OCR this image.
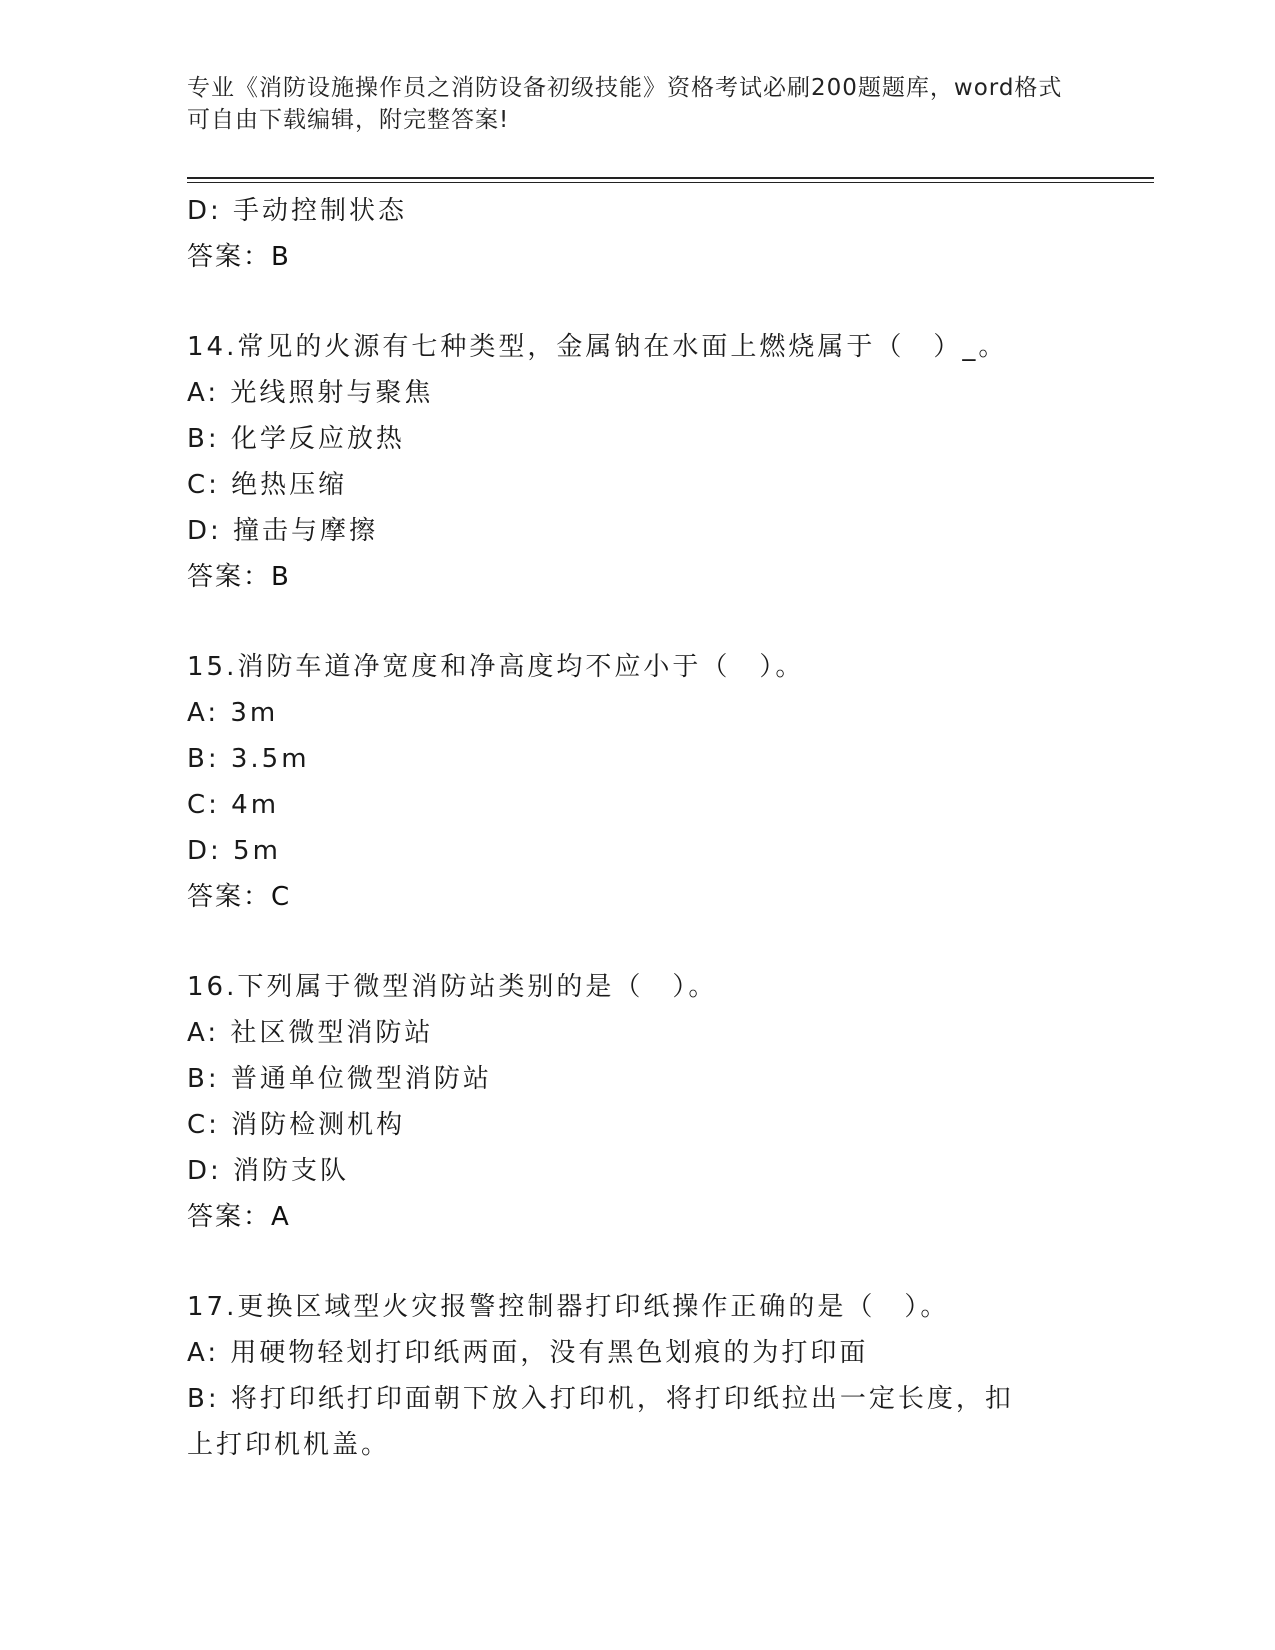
专业《消防设施操作员之消防设备初级技能》资格考试必刷200题题库，word格式可自由下载编辑，附完整答案!
D: 手动控制状态
答案：B
14.常见的火源有七种类型，金属钠在水面上燃烧属于（　）_。
A: 光线照射与聚焦
B: 化学反应放热
C: 绝热压缩
D: 撞击与摩擦
答案：B
15.消防车道净宽度和净高度均不应小于（　）。
A: 3m
B: 3.5m
C: 4m
D: 5m
答案：C
16.下列属于微型消防站类别的是（　）。
A: 社区微型消防站
B: 普通单位微型消防站
C: 消防检测机构
D: 消防支队
答案：A
17.更换区域型火灾报警控制器打印纸操作正确的是（　）。
A: 用硬物轻划打印纸两面，没有黑色划痕的为打印面
B: 将打印纸打印面朝下放入打印机，将打印纸拉出一定长度，扣上打印机机盖。
